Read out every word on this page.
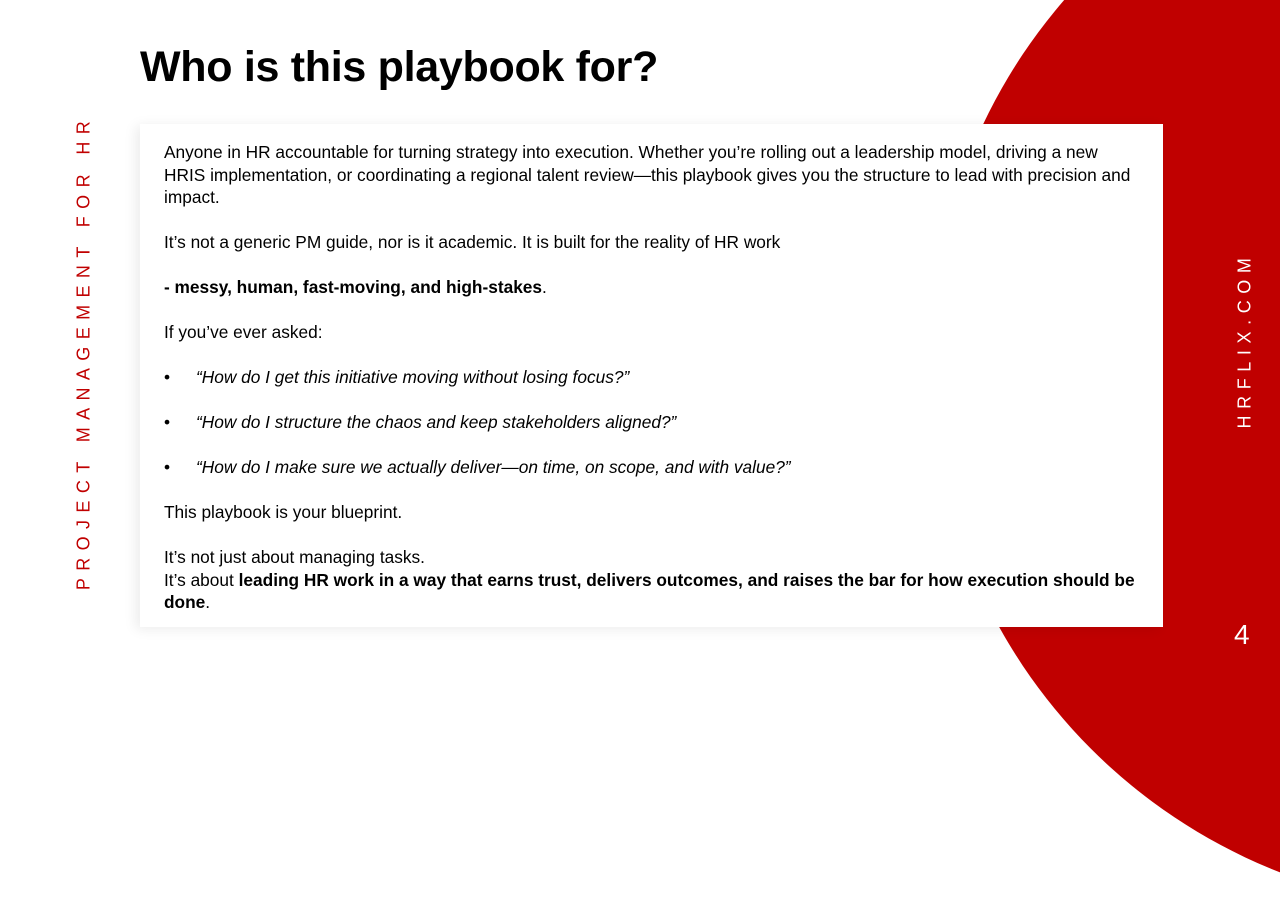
Who is this playbook for?
PROJECT MANAGEMENT FOR HR	HRFLIX.COM

Anyone in HR accountable for turning strategy into execution. Whether you’re rolling out a leadership model, driving a new HRIS implementation, or coordinating a regional talent review—this playbook gives you the structure to lead with precision and impact.

It’s not a generic PM guide, nor is it academic. It is built for the reality of HR work

- messy, human, fast-moving, and high-stakes.

If you’ve ever asked:

• “How do I get this initiative moving without losing focus?”
• “How do I structure the chaos and keep stakeholders aligned?”
• “How do I make sure we actually deliver—on time, on scope, and with value?”

This playbook is your blueprint.

It’s not just about managing tasks.

It’s about leading HR work in a way that earns trust, delivers outcomes, and raises the bar for how execution should be done.

4
